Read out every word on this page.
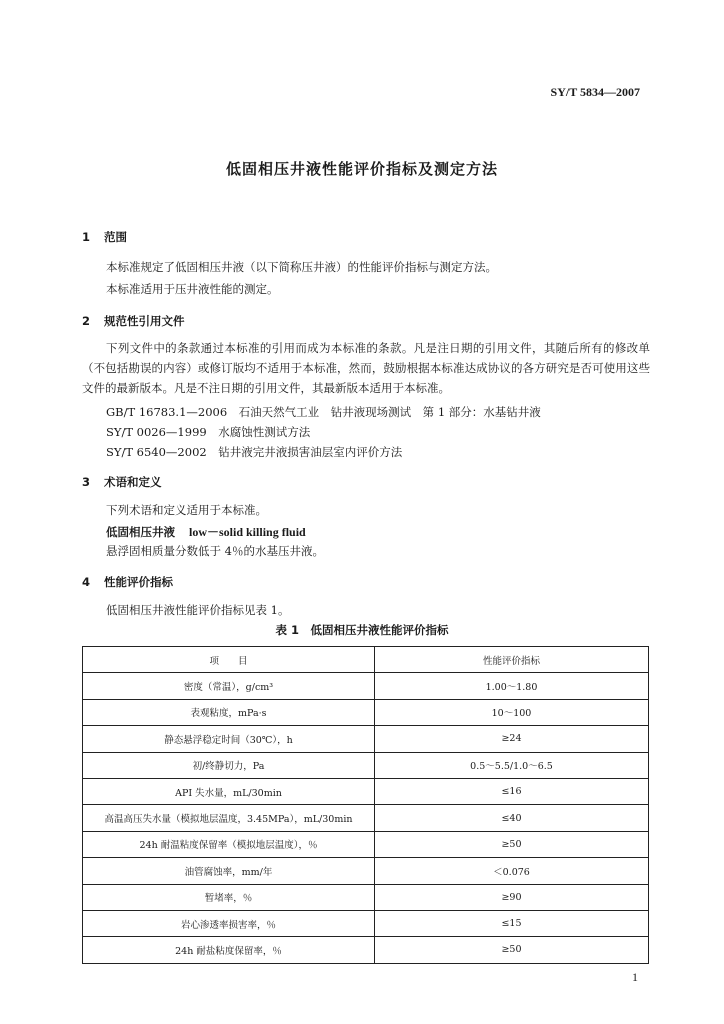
SY/T 5834—2007
低固相压井液性能评价指标及测定方法
1 范围
本标准规定了低固相压井液（以下简称压井液）的性能评价指标与测定方法。
本标准适用于压井液性能的测定。
2 规范性引用文件
下列文件中的条款通过本标准的引用而成为本标准的条款。凡是注日期的引用文件，其随后所有的修改单（不包括勘误的内容）或修订版均不适用于本标准，然而，鼓励根据本标准达成协议的各方研究是否可使用这些文件的最新版本。凡是不注日期的引用文件，其最新版本适用于本标准。
GB/T 16783.1—2006　石油天然气工业　钻井液现场测试　第 1 部分：水基钻井液
SY/T 0026—1999　水腐蚀性测试方法
SY/T 6540—2002　钻井液完井液损害油层室内评价方法
3 术语和定义
下列术语和定义适用于本标准。
低固相压井液 low－solid killing fluid
悬浮固相质量分数低于 4％的水基压井液。
4 性能评价指标
低固相压井液性能评价指标见表 1。
表 1　低固相压井液性能评价指标
项　　目	性能评价指标
密度（常温），g/cm³	1.00～1.80
表观粘度，mPa·s	10～100
静态悬浮稳定时间（30℃），h	≥24
初/终静切力，Pa	0.5～5.5/1.0～6.5
API 失水量，mL/30min	≤16
高温高压失水量（模拟地层温度，3.45MPa），mL/30min	≤40
24h 耐温粘度保留率（模拟地层温度），％	≥50
油管腐蚀率，mm/年	＜0.076
暂堵率，％	≥90
岩心渗透率损害率，％	≤15
24h 耐盐粘度保留率，％	≥50
1
